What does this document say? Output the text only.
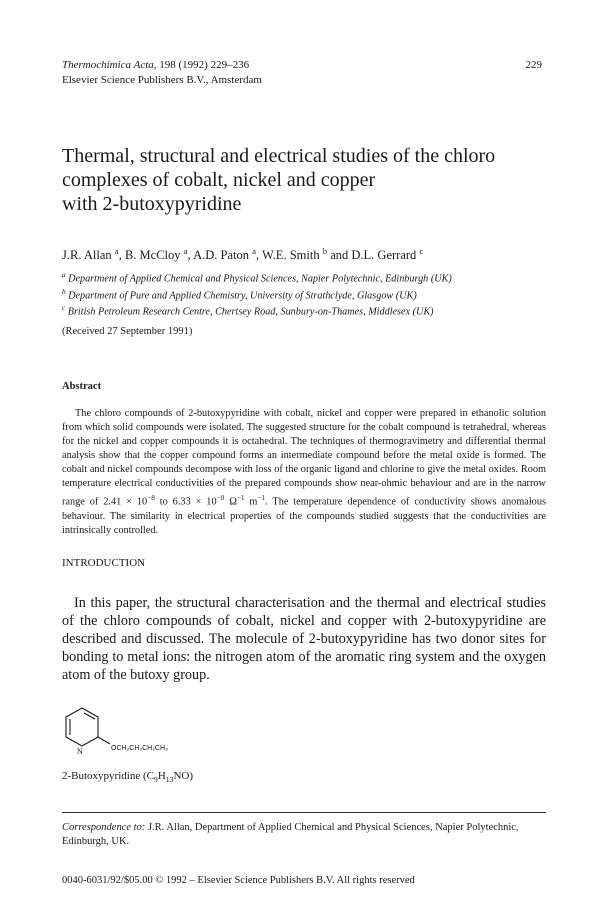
Thermochimica Acta, 198 (1992) 229–236
Elsevier Science Publishers B.V., Amsterdam
229
Thermal, structural and electrical studies of the chloro
complexes of cobalt, nickel and copper
with 2-butoxypyridine
J.R. Allan $^a$, B. McCloy $^a$, A.D. Paton $^a$, W.E. Smith $^b$ and D.L. Gerrard $^c$
$^a$ Department of Applied Chemical and Physical Sciences, Napier Polytechnic, Edinburgh (UK)
$^b$ Department of Pure and Applied Chemistry, University of Strathclyde, Glasgow (UK)
$^c$ British Petroleum Research Centre, Chertsey Road, Sunbury-on-Thames, Middlesex (UK)
(Received 27 September 1991)
Abstract
The chloro compounds of 2-butoxypyridine with cobalt, nickel and copper were prepared in ethanolic solution from which solid compounds were isolated. The suggested structure for the cobalt compound is tetrahedral, whereas for the nickel and copper compounds it is octahedral. The techniques of thermogravimetry and differential thermal analysis show that the copper compound forms an intermediate compound before the metal oxide is formed. The cobalt and nickel compounds decompose with loss of the organic ligand and chlorine to give the metal oxides. Room temperature electrical conductivities of the prepared compounds show near-ohmic behaviour and are in the narrow range of $2.41 \times 10^{-8}$ to $6.33 \times 10^{-8}$ $\Omega^{-1}$ $m^{-1}$. The temperature dependence of conductivity shows anomalous behaviour. The similarity in electrical properties of the compounds studied suggests that the conductivities are intrinsically controlled.
INTRODUCTION
In this paper, the structural characterisation and the thermal and electrical studies of the chloro compounds of cobalt, nickel and copper with 2-butoxypyridine are described and discussed. The molecule of 2-butoxypyridine has two donor sites for bonding to metal ions: the nitrogen atom of the aromatic ring system and the oxygen atom of the butoxy group.
N	OCH₂CH₂CH₂CH₃
2-Butoxypyridine $(C_9H_{13}NO)$
Correspondence to: J.R. Allan, Department of Applied Chemical and Physical Sciences, Napier Polytechnic, Edinburgh, UK.
0040-6031/92/$05.00 © 1992 – Elsevier Science Publishers B.V. All rights reserved
